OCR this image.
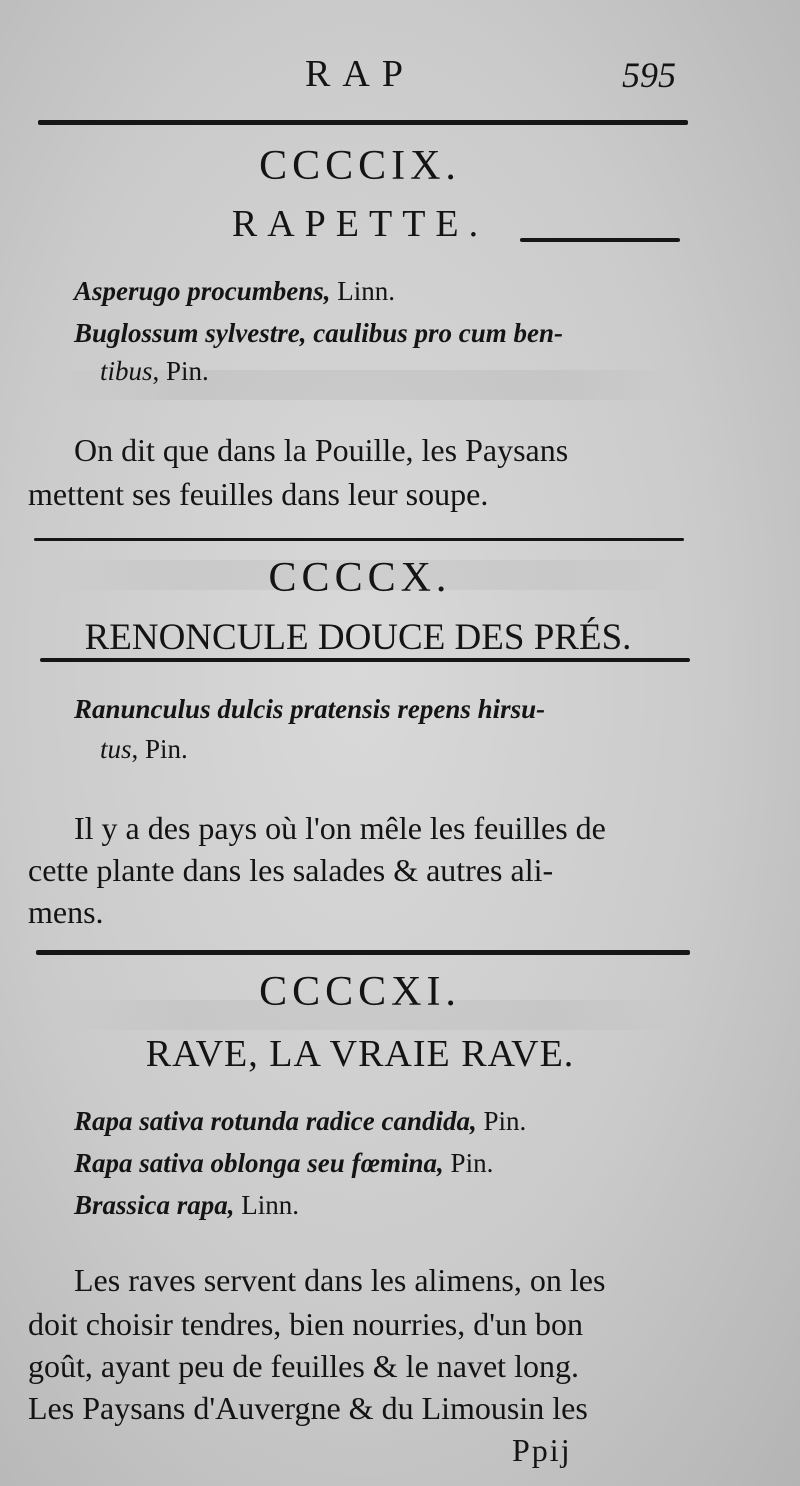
RAP	595
CCCCIX.
RAPETTE.
Asperugo procumbens, Linn.
Buglossum sylvestre, caulibus pro cum ben-
tibus, Pin.
On dit que dans la Pouille, les Paysans
mettent ses feuilles dans leur soupe.
CCCCX.
RENONCULE DOUCE DES PRÉS.
Ranunculus dulcis pratensis repens hirsu-
tus, Pin.
Il y a des pays où l'on mêle les feuilles de
cette plante dans les salades & autres ali-
mens.
CCCCXI.
RAVE, LA VRAIE RAVE.
Rapa sativa rotunda radice candida, Pin.
Rapa sativa oblonga seu fœmina, Pin.
Brassica rapa, Linn.
Les raves servent dans les alimens, on les
doit choisir tendres, bien nourries, d'un bon
goût, ayant peu de feuilles & le navet long.
Les Paysans d'Auvergne & du Limousin les
Ppij
